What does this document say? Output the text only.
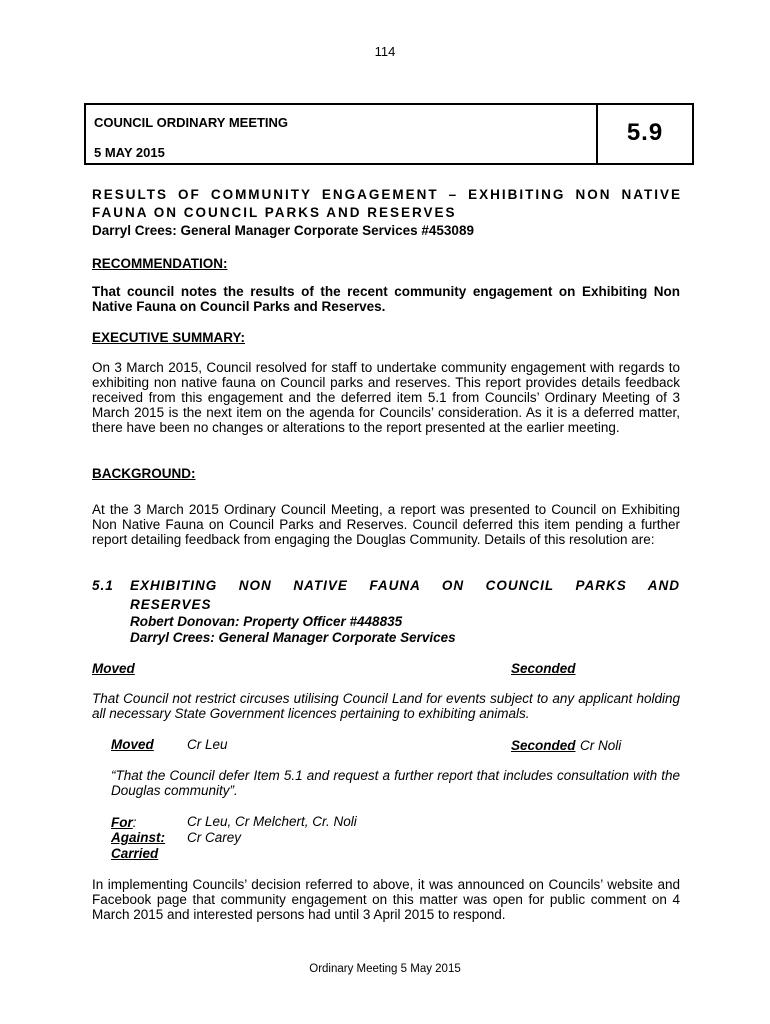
114
COUNCIL ORDINARY MEETING
5 MAY 2015
5.9
RESULTS OF COMMUNITY ENGAGEMENT – EXHIBITING NON NATIVE
FAUNA ON COUNCIL PARKS AND RESERVES
Darryl Crees: General Manager Corporate Services #453089
RECOMMENDATION:
That council notes the results of the recent community engagement on Exhibiting Non Native Fauna on Council Parks and Reserves.
EXECUTIVE SUMMARY:
On 3 March 2015, Council resolved for staff to undertake community engagement with regards to exhibiting non native fauna on Council parks and reserves. This report provides details feedback received from this engagement and the deferred item 5.1 from Councils’ Ordinary Meeting of 3 March 2015 is the next item on the agenda for Councils’ consideration. As it is a deferred matter, there have been no changes or alterations to the report presented at the earlier meeting.
BACKGROUND:
At the 3 March 2015 Ordinary Council Meeting, a report was presented to Council on Exhibiting Non Native Fauna on Council Parks and Reserves. Council deferred this item pending a further report detailing feedback from engaging the Douglas Community. Details of this resolution are:
5.1 EXHIBITING NON NATIVE FAUNA ON COUNCIL PARKS AND
RESERVES
Robert Donovan: Property Officer #448835
Darryl Crees: General Manager Corporate Services
Moved	Seconded
That Council not restrict circuses utilising Council Land for events subject to any applicant holding all necessary State Government licences pertaining to exhibiting animals.
Moved Cr Leu	Seconded Cr Noli
“That the Council defer Item 5.1 and request a further report that includes consultation with the Douglas community”.
For:	Cr Leu, Cr Melchert, Cr. Noli
Against: Cr Carey
Carried
In implementing Councils’ decision referred to above, it was announced on Councils’ website and Facebook page that community engagement on this matter was open for public comment on 4 March 2015 and interested persons had until 3 April 2015 to respond.
Ordinary Meeting 5 May 2015
